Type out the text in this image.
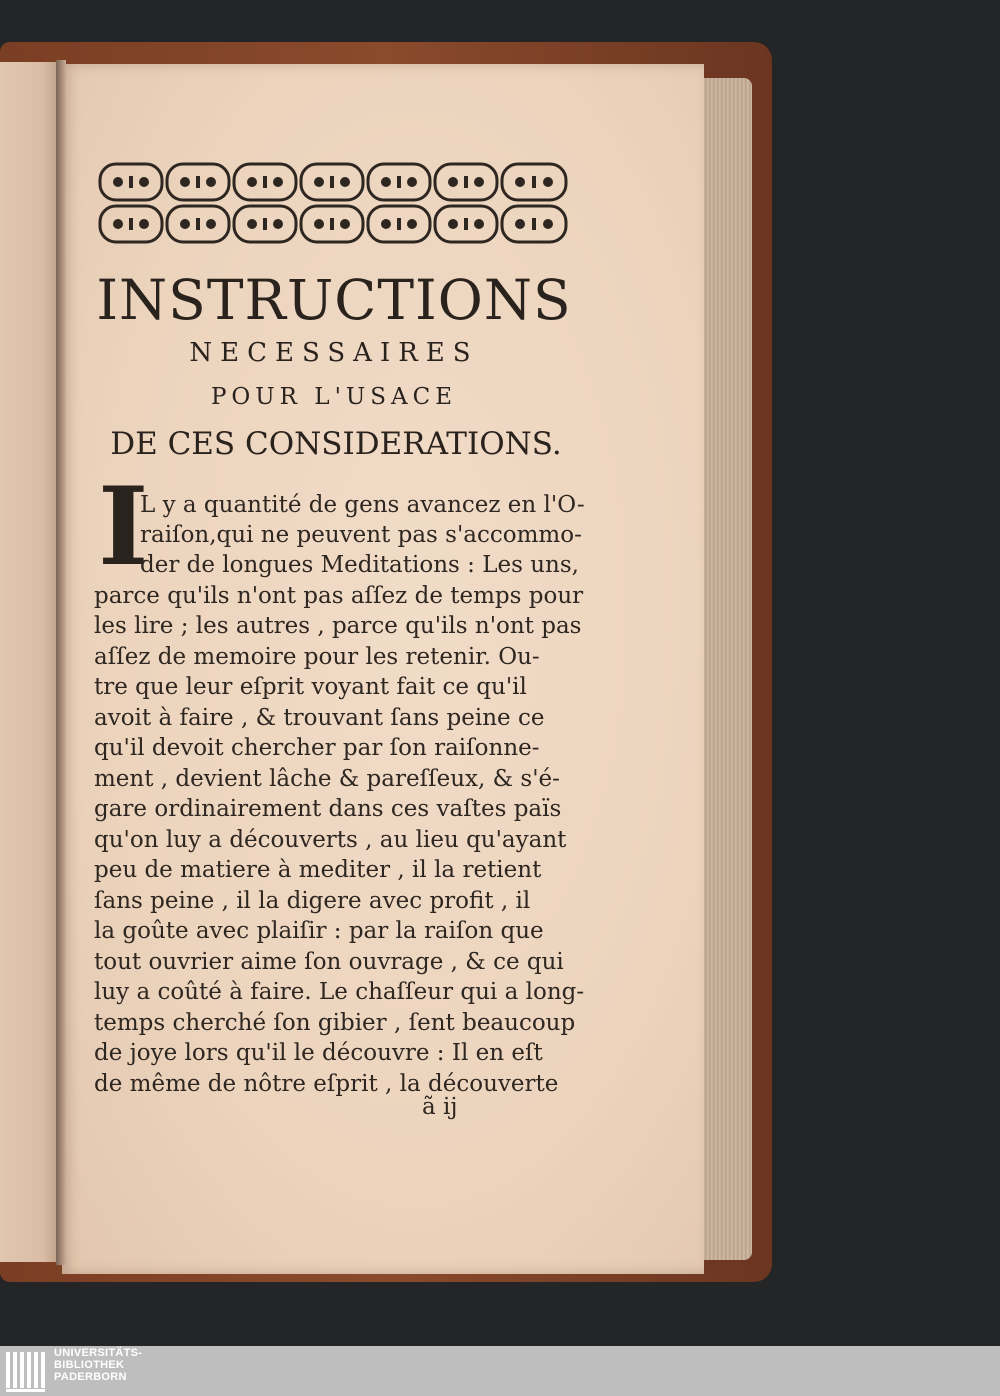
INSTRUCTIONS
NECESSAIRES
POUR L'USACE
DE CES CONSIDERATIONS.
I
L y a quantité de gens avancez en l'O-
raiſon,qui ne peuvent pas s'accommo-
der de longues Meditations : Les uns,
parce qu'ils n'ont pas aſſez de temps pour
les lire ; les autres , parce qu'ils n'ont pas
aſſez de memoire pour les retenir. Ou-
tre que leur eſprit voyant fait ce qu'il
avoit à faire , & trouvant ſans peine ce
qu'il devoit chercher par ſon raiſonne-
ment , devient lâche & pareſſeux, & s'é-
gare ordinairement dans ces vaſtes païs
qu'on luy a découverts , au lieu qu'ayant
peu de matiere à mediter , il la retient
ſans peine , il la digere avec profit , il
la goûte avec plaiſir : par la raiſon que
tout ouvrier aime ſon ouvrage , & ce qui
luy a coûté à faire. Le chaſſeur qui a long-
temps cherché ſon gibier , ſent beaucoup
de joye lors qu'il le découvre : Il en eſt
de même de nôtre eſprit , la découverte
ã ij
UNIVERSITÄTS-
BIBLIOTHEK
PADERBORN
